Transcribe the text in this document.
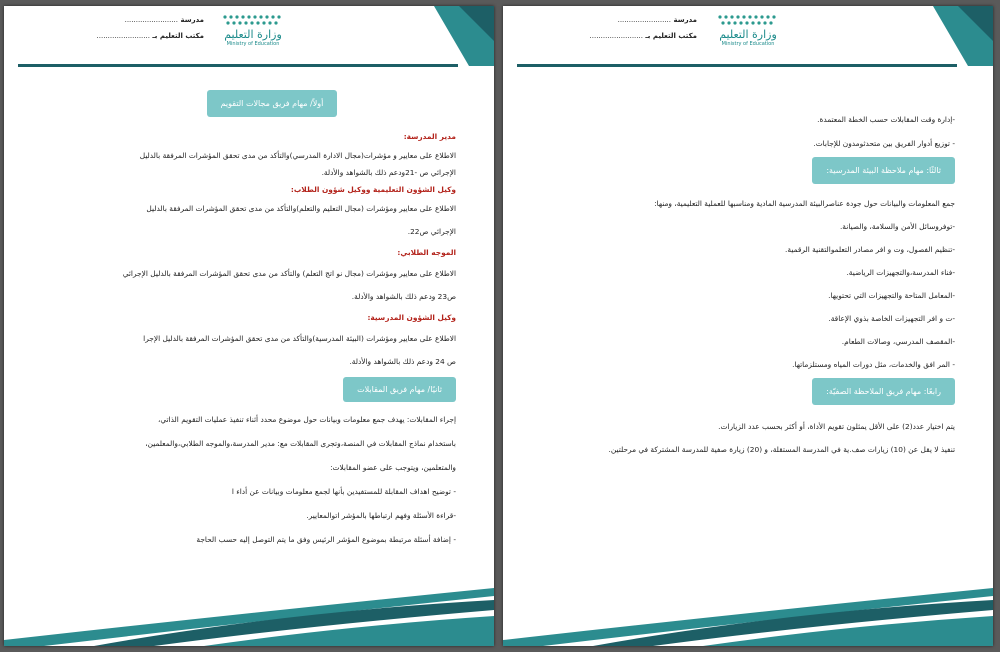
وزارة التعليم
Ministry of Education
مدرسة ........................
مكتب التعليم بـ ........................
أولاً/ مهام فريق مجالات التقويم
مدير المدرسة:
الاطلاع على معايير و مؤشرات(مجال الادارة المدرسي)والتأكد من مدى تحقق المؤشرات المرفقة بالدليل
الإجرائي ص -21ودعم ذلك بالشواهد والأدلة.
وكيل الشؤون التعليمية ووكيل شؤون الطلاب:
الاطلاع على معايير ومؤشرات (مجال التعليم والتعلم)والتأكد من مدى تحقق المؤشرات المرفقة بالدليل
الإجرائي ص22.
الموجه الطلابي:
الاطلاع على معايير ومؤشرات (مجال نو اتج التعلم) والتأكد من مدى تحقق المؤشرات المرفقة بالدليل الإجرائي
ص23 ودعم ذلك بالشواهد والأدلة.
وكيل الشؤون المدرسية:
الاطلاع على معايير ومؤشرات (البيئة المدرسية)والتأكد من مدى تحقق المؤشرات المرفقة بالدليل الإجرا
ص 24 ودعم ذلك بالشواهد والأدلة.
ثانيًا/ مهام فريق المقابلات
إجراء المقابلات: يهدف جمع معلومات وبيانات حول موضوع محدد أثناء تنفيذ عمليات التقويم الذاتي،
باستخدام نماذج المقابلات في المنصة،وتجرى المقابلات مع: مدير المدرسة،والموجه الطلابي،والمعلمين،
والمتعلمين، ويتوجب على عضو المقابلات:
- توضيح اهداف المقابلة للمستفيدين بأنها لجمع معلومات وبيانات عن أداء ا
-قراءة الأسئلة وفهم ارتباطها بالمؤشر اتوالمعايير.
- إضافة أسئلة مرتبطة بموضوع المؤشر الرئيس وفق ما يتم التوصل إليه حسب الحاجة
وزارة التعليم
Ministry of Education
مدرسة ........................
مكتب التعليم بـ ........................
-إدارة وقت المقابلات حسب الخطة المعتمدة.
- توزيع أدوار الفريق بين متحدثومدون للإجابات.
ثالثًا: مهام ملاحظة البيئة المدرسية:
جمع المعلومات والبيانات حول جودة عناصرالبيئة المدرسية المادية ومناسبها للعملية التعليمية، ومنها:
-توفروسائل الأمن والسلامة، والصيانة.
-تنظيم الفصول، وت و افر مصادر التعلموالتقنية الرقمية.
-فناء المدرسة،والتجهيزات الرياضية.
-المعامل المتاحة والتجهيزات التي تحتويها.
-ت و افر التجهيزات الخاصة بذوي الإعاقة.
-المقصف المدرسي، وصالات الطعام.
- المر افق والخدمات، مثل دورات المياه ومستلزماتها.
رابعًا: مهام فريق الملاحظة الصفيّة:
يتم اختيار عدد(2) على الأقل يمثلون تقويم الأداة، أو أكثر بحسب عدد الزيارات.
تنفيذ لا يقل عن (10) زيارات صف.ية في المدرسة المستقلة، و (20) زيارة صفية للمدرسة المشتركة في مرحلتين.
